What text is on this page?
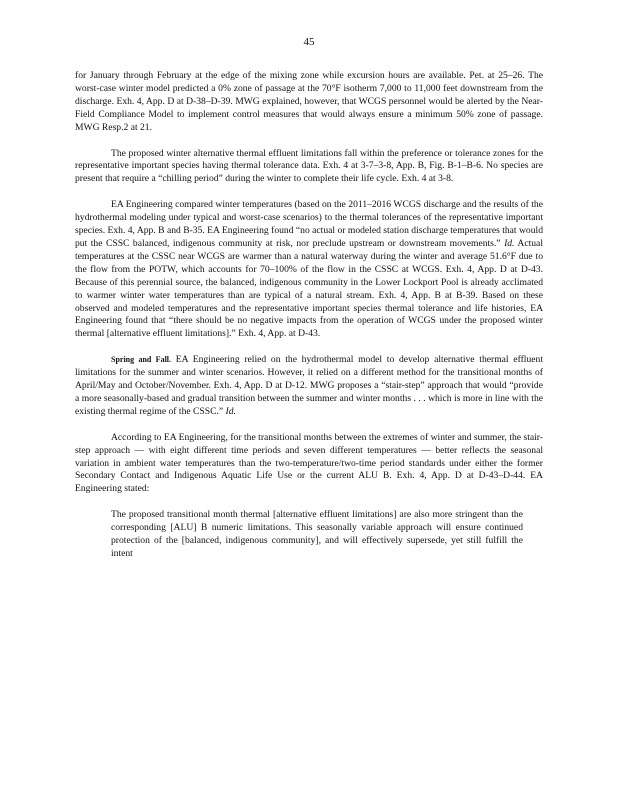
45

for January through February at the edge of the mixing zone while excursion hours are available. Pet. at 25–26. The worst-case winter model predicted a 0% zone of passage at the 70°F isotherm 7,000 to 11,000 feet downstream from the discharge. Exh. 4, App. D at D-38–D-39. MWG explained, however, that WCGS personnel would be alerted by the Near-Field Compliance Model to implement control measures that would always ensure a minimum 50% zone of passage. MWG Resp.2 at 21.

The proposed winter alternative thermal effluent limitations fall within the preference or tolerance zones for the representative important species having thermal tolerance data. Exh. 4 at 3-7–3-8, App. B, Fig. B-1–B-6. No species are present that require a “chilling period” during the winter to complete their life cycle. Exh. 4 at 3-8.

EA Engineering compared winter temperatures (based on the 2011–2016 WCGS discharge and the results of the hydrothermal modeling under typical and worst-case scenarios) to the thermal tolerances of the representative important species. Exh. 4, App. B and B-35. EA Engineering found “no actual or modeled station discharge temperatures that would put the CSSC balanced, indigenous community at risk, nor preclude upstream or downstream movements.” Id. Actual temperatures at the CSSC near WCGS are warmer than a natural waterway during the winter and average 51.6°F due to the flow from the POTW, which accounts for 70–100% of the flow in the CSSC at WCGS. Exh. 4, App. D at D-43. Because of this perennial source, the balanced, indigenous community in the Lower Lockport Pool is already acclimated to warmer winter water temperatures than are typical of a natural stream. Exh. 4, App. B at B-39. Based on these observed and modeled temperatures and the representative important species thermal tolerance and life histories, EA Engineering found that “there should be no negative impacts from the operation of WCGS under the proposed winter thermal [alternative effluent limitations].” Exh. 4, App. at D-43.

Spring and Fall. EA Engineering relied on the hydrothermal model to develop alternative thermal effluent limitations for the summer and winter scenarios. However, it relied on a different method for the transitional months of April/May and October/November. Exh. 4, App. D at D-12. MWG proposes a “stair-step” approach that would “provide a more seasonally-based and gradual transition between the summer and winter months . . . which is more in line with the existing thermal regime of the CSSC.” Id.

According to EA Engineering, for the transitional months between the extremes of winter and summer, the stair-step approach — with eight different time periods and seven different temperatures — better reflects the seasonal variation in ambient water temperatures than the two-temperature/two-time period standards under either the former Secondary Contact and Indigenous Aquatic Life Use or the current ALU B. Exh. 4, App. D at D-43–D-44. EA Engineering stated:

The proposed transitional month thermal [alternative effluent limitations] are also more stringent than the corresponding [ALU] B numeric limitations. This seasonally variable approach will ensure continued protection of the [balanced, indigenous community], and will effectively supersede, yet still fulfill the intent
